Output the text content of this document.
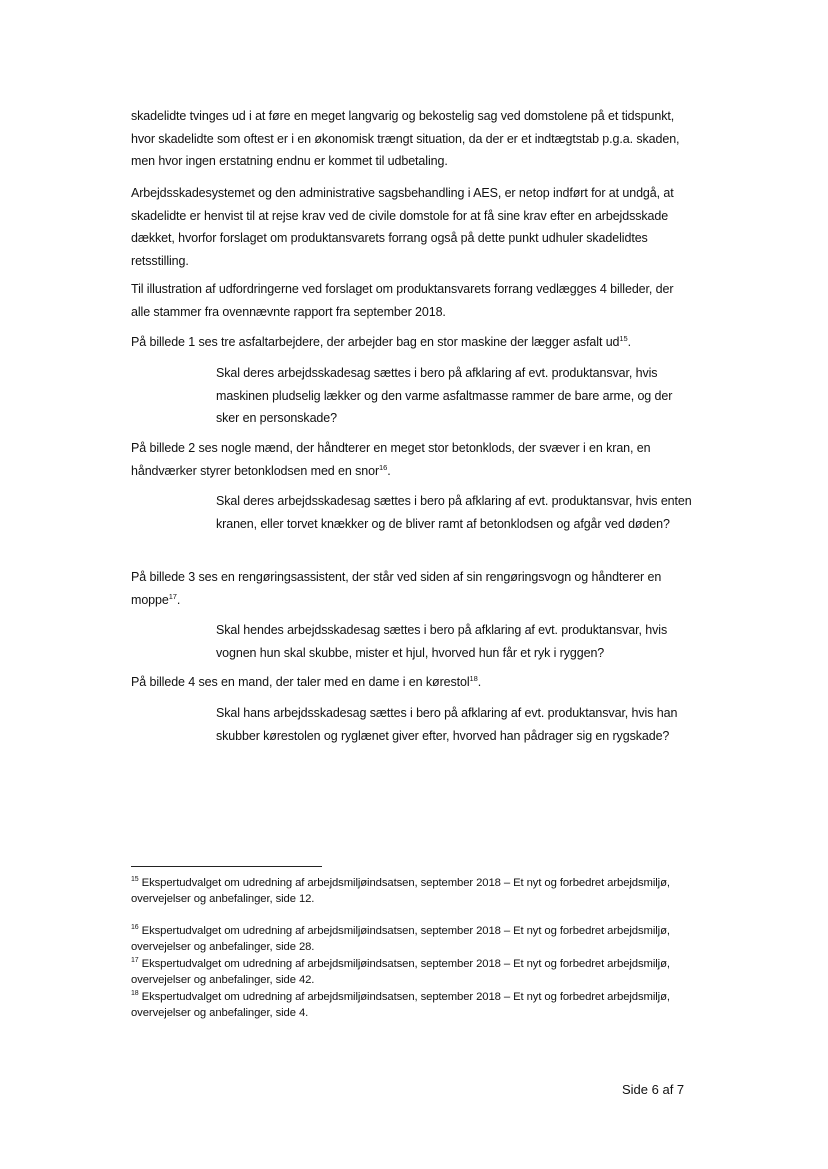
skadelidte tvinges ud i at føre en meget langvarig og bekostelig sag ved domstolene på et tidspunkt, hvor skadelidte som oftest er i en økonomisk trængt situation, da der er et indtægtstab p.g.a. skaden, men hvor ingen erstatning endnu er kommet til udbetaling.

Arbejdsskadesystemet og den administrative sagsbehandling i AES, er netop indført for at undgå, at skadelidte er henvist til at rejse krav ved de civile domstole for at få sine krav efter en arbejdsskade dækket, hvorfor forslaget om produktansvarets forrang også på dette punkt udhuler skadelidtes retsstilling.

Til illustration af udfordringerne ved forslaget om produktansvarets forrang vedlægges 4 billeder, der alle stammer fra ovennævnte rapport fra september 2018.

På billede 1 ses tre asfaltarbejdere, der arbejder bag en stor maskine der lægger asfalt $ud^{15}$.

Skal deres arbejdsskadesag sættes i bero på afklaring af evt. produktansvar, hvis maskinen pludselig lækker og den varme asfaltmasse rammer de bare arme, og der sker en personskade?

På billede 2 ses nogle mænd, der håndterer en meget stor betonklods, der svæver i en kran, en håndværker styrer betonklodsen med en snor$^{16}$.

Skal deres arbejdsskadesag sættes i bero på afklaring af evt. produktansvar, hvis enten kranen, eller torvet knækker og de bliver ramt af betonklodsen og afgår ved døden?

På billede 3 ses en rengøringsassistent, der står ved siden af sin rengøringsvogn og håndterer en moppe$^{17}$.

Skal hendes arbejdsskadesag sættes i bero på afklaring af evt. produktansvar, hvis vognen hun skal skubbe, mister et hjul, hvorved hun får et ryk i ryggen?

På billede 4 ses en mand, der taler med en dame i en kørestol$^{18}$.

Skal hans arbejdsskadesag sættes i bero på afklaring af evt. produktansvar, hvis han skubber kørestolen og ryglænet giver efter, hvorved han pådrager sig en rygskade?

$^{15}$ Ekspertudvalget om udredning af arbejdsmiljøindsatsen, september 2018 – Et nyt og forbedret arbejdsmiljø, overvejelser og anbefalinger, side 12.

$^{16}$ Ekspertudvalget om udredning af arbejdsmiljøindsatsen, september 2018 – Et nyt og forbedret arbejdsmiljø, overvejelser og anbefalinger, side 28.

$^{17}$ Ekspertudvalget om udredning af arbejdsmiljøindsatsen, september 2018 – Et nyt og forbedret arbejdsmiljø, overvejelser og anbefalinger, side 42.

$^{18}$ Ekspertudvalget om udredning af arbejdsmiljøindsatsen, september 2018 – Et nyt og forbedret arbejdsmiljø, overvejelser og anbefalinger, side 4.

Side 6 af 7
